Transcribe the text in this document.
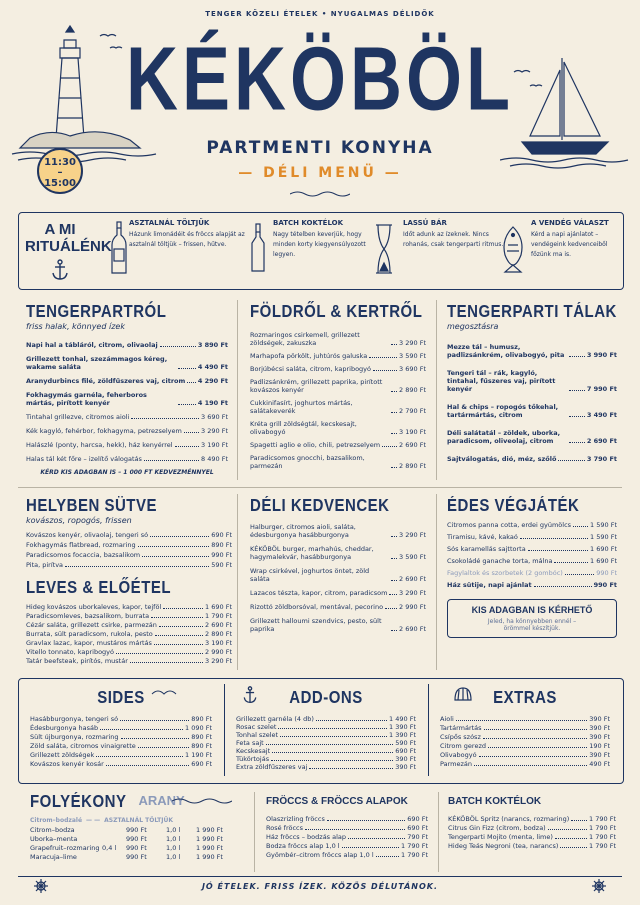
TENGER KÖZELI ÉTELEK • NYUGALMAS DÉLIDŐK
KÉKÖBÖL
PARTMENTI KONYHA
— DÉLI MENÜ —
11:30
–
15:00
A MI
RITUÁLÉNK
ASZTALNÁL TÖLTJÜK
Házunk limonádéit és fröccs alapját az asztalnál töltjük – frissen, hűtve.
BATCH KOKTÉLOK
Nagy tételben keverjük, hogy minden korty kiegyensúlyozott legyen.
LASSÚ BÁR
Időt adunk az ízeknek. Nincs rohanás, csak tengerparti ritmus.
A VENDÉG VÁLASZT
Kérd a napi ajánlatot – vendégeink kedvenceiből főzünk ma is.
TENGERPARTRÓL
friss halak, könnyed ízek
Napi hal a tábláról, citrom, olivaolaj	3 890 Ft
Grillezett tonhal, szezámmagos kéreg, wakame saláta	4 490 Ft
Aranydurbincs filé, zöldfűszeres vaj, citrom 4 290 Ft
Fokhagymás garnéla, feherboros mártás, pirított kenyér	4 190 Ft
Tintahal grillezve, citromos aioli	3 690 Ft
Kék kagyló, fehérbor, fokhagyma, petrezselyem	3 290 Ft
Halászlé (ponty, harcsa, hekk), ház kenyérrel	3 190 Ft
Halas tál két főre – izelítő válogatás	8 490 Ft
KÉRD KIS ADAGBAN IS – 1 000 FT KEDVEZMÉNNYEL
FÖLDRŐL & KERTRŐL
Rozmaringos csirkemell, grillezett zöldségek, zakuszka	3 290 Ft
Marhapofa pörkölt, juhtúrós galuska	3 590 Ft
Borjúbécsi saláta, citrom, kapribogyó	3 690 Ft
Padlizsánkrém, grillezett paprika, pirított kovászos kenyér	2 890 Ft
Cukkinifasírt, joghurtos mártás, salátakeverék	2 790 Ft
Kréta grill zöldségtál, kecskesajt, olivabogyó	3 190 Ft
Spagetti aglio e olio, chili, petrezselyem	2 690 Ft
Paradicsomos gnocchi, bazsalikom, parmezán	2 890 Ft
TENGERPARTI TÁLAK
megosztásra
Mezze tál – humusz, padlizsánkrém, olivabogyó, pita	3 990 Ft
Tengeri tál – rák, kagyló, tintahal, fűszeres vaj, pirított kenyér	7 990 Ft
Hal & chips – ropogós tőkehal, tartármártás, citrom	3 490 Ft
Déli salátatál – zöldek, uborka, paradicsom, oliveolaj, citrom	2 690 Ft
Sajtválogatás, dió, méz, szőlő	3 790 Ft
HELYBEN SÜTVE
kovászos, ropogós, frissen
Kovászos kenyér, olivaolaj, tengeri só	690 Ft
Fokhagymás flatbread, rozmaring	890 Ft
Paradicsomos focaccia, bazsalikom	990 Ft
Pita, pirítva	590 Ft
LEVES & ELŐÉTEL
Hideg kovászos uborkaleves, kapor, tejföl	1 690 Ft
Paradicsomleves, bazsalikom, burrata	1 790 Ft
Cézár saláta, grillezett csirke, parmezán	2 690 Ft
Burrata, sült paradicsom, rukola, pesto	2 890 Ft
Gravlax lazac, kapor, mustáros mártás	3 190 Ft
Vitello tonnato, kapribogyó	2 990 Ft
Tatár beefsteak, pirítós, mustár	3 290 Ft
DÉLI KEDVENCEK
Halburger, citromos aioli, saláta, édesburgonya hasábburgonya	3 290 Ft
KÉKÖBÖL burger, marhahús, cheddar, hagymalekvár, hasábburgonya	3 590 Ft
Wrap csirkével, joghurtos öntet, zöld saláta	2 690 Ft
Lazacos tészta, kapor, citrom, paradicsom 3 290 Ft
Rizottó zöldborsóval, mentával, pecorino 2 990 Ft
Grillezett halloumi szendvics, pesto, sült paprika	2 690 Ft
ÉDES VÉGJÁTÉK
Citromos panna cotta, erdei gyümölcs	1 590 Ft
Tiramisu, kávé, kakaó	1 590 Ft
Sós karamellás sajttorta	1 690 Ft
Csokoládé ganache torta, málna	1 690 Ft
Fagylaltok és szorbetek (2 gombóc)	990 Ft
Ház sütije, napi ajánlat	990 Ft
KIS ADAGBAN IS KÉRHETŐ
Jeled, ha könnyebben ennél – örömmel készítjük.
SIDES
Hasábburgonya, tengeri só	890 Ft
Édesburgonya hasáb	1 090 Ft
Sült újburgonya, rozmaring	890 Ft
Zöld saláta, citromos vinaigrette	890 Ft
Grillezett zöldségek	1 190 Ft
Kovászos kenyér kosár	690 Ft
ADD-ONS
Grillezett garnéla (4 db)	1 490 Ft
Rosac szelet	1 390 Ft
Tonhal szelet	1 390 Ft
Feta sajt	590 Ft
Kecskesajt	690 Ft
Tükörtojás	390 Ft
Extra zöldfűszeres vaj	390 Ft
EXTRAS
Aioli	390 Ft
Tartármártás	390 Ft
Csípős szósz	390 Ft
Citrom gerezd	190 Ft
Olivabogyó	390 Ft
Parmezán	490 Ft
FOLYÉKONY ARANY
Citrom–bodzalé — — ASZTALNÁL TÖLTJÜK
Citrom–bodza	990 Ft	1,0 l	1 990 Ft
Uborka–menta	990 Ft	1,0 l	1 990 Ft
Grapefruit–rozmaring 0,4 l	990 Ft	1,0 l	1 990 Ft
Maracuja–lime	990 Ft	1,0 l	1 990 Ft
FRÖCCS & FRÖCCS ALAPOK
Olaszrizling fröccs	690 Ft
Rosé fröccs	690 Ft
Ház fröccs – bodzás alap	790 Ft
Bodza fröccs alap 1,0 l	1 790 Ft
Gyömbér–citrom fröccs alap 1,0 l	1 790 Ft
BATCH KOKTÉLOK
KÉKÖBÖL Spritz (narancs, rozmaring)	1 790 Ft
Citrus Gin Fizz (citrom, bodza)	1 790 Ft
Tengerparti Mojito (menta, lime)	1 790 Ft
Hideg Teás Negroni (tea, narancs)	1 790 Ft
JÓ ÉTELEK. FRISS ÍZEK. KÖZÖS DÉLUTÁNOK.
